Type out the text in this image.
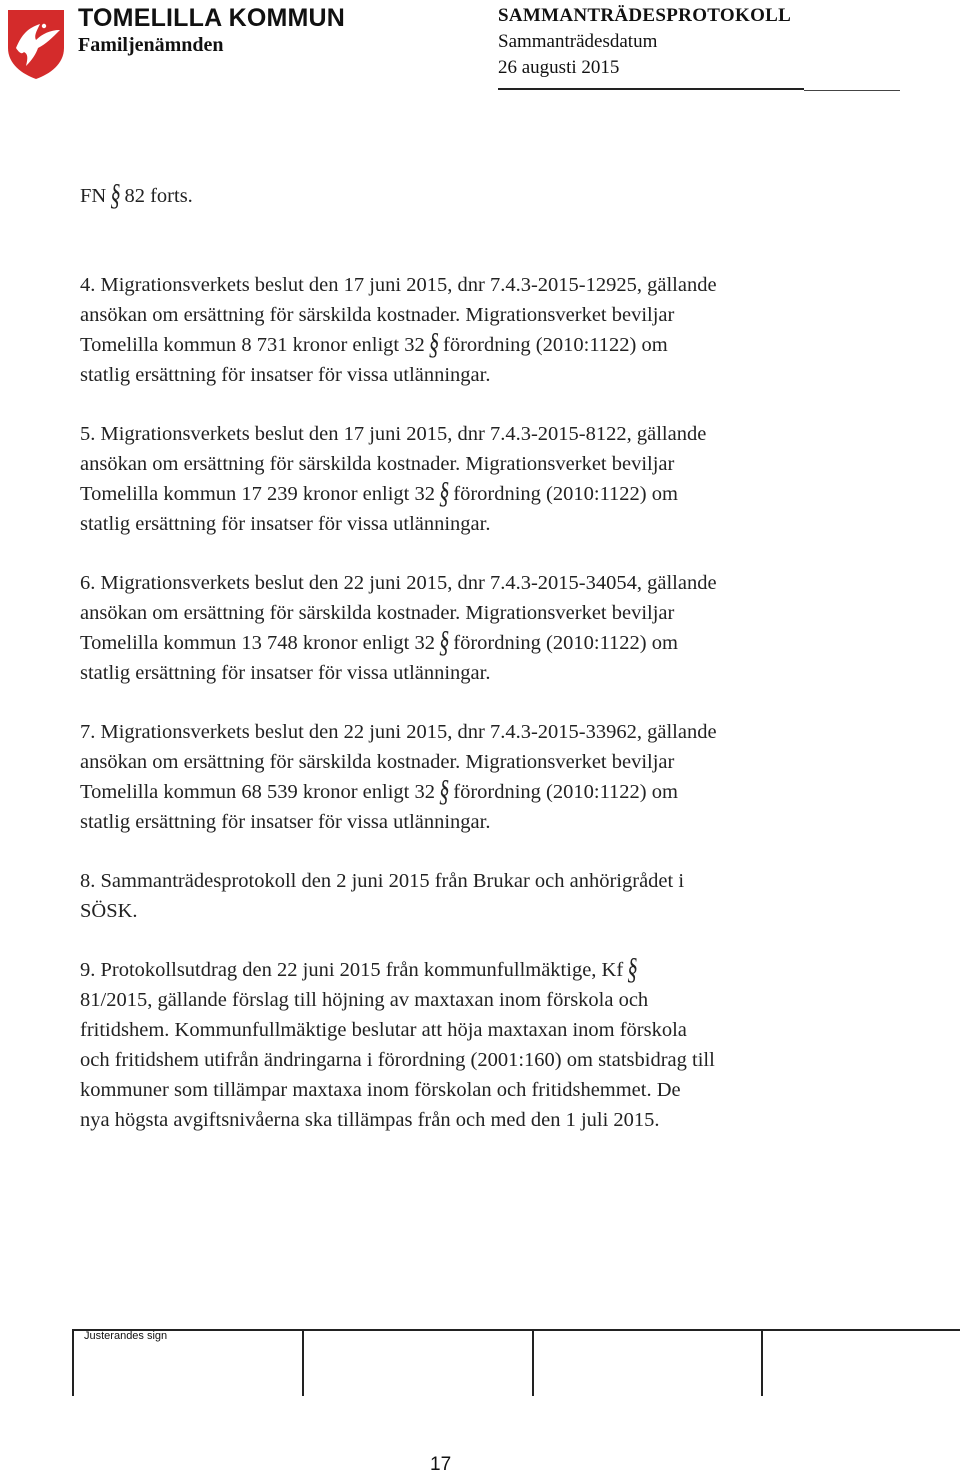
TOMELILLA KOMMUN
Familjenämnden
SAMMANTRÄDESPROTOKOLL
Sammanträdesdatum
26 augusti 2015
FN § 82 forts.
4. Migrationsverkets beslut den 17 juni 2015, dnr 7.4.3-2015-12925, gällande
ansökan om ersättning för särskilda kostnader. Migrationsverket beviljar
Tomelilla kommun 8 731 kronor enligt 32 § förordning (2010:1122) om
statlig ersättning för insatser för vissa utlänningar.
5. Migrationsverkets beslut den 17 juni 2015, dnr 7.4.3-2015-8122, gällande
ansökan om ersättning för särskilda kostnader. Migrationsverket beviljar
Tomelilla kommun 17 239 kronor enligt 32 § förordning (2010:1122) om
statlig ersättning för insatser för vissa utlänningar.
6. Migrationsverkets beslut den 22 juni 2015, dnr 7.4.3-2015-34054, gällande
ansökan om ersättning för särskilda kostnader. Migrationsverket beviljar
Tomelilla kommun 13 748 kronor enligt 32 § förordning (2010:1122) om
statlig ersättning för insatser för vissa utlänningar.
7. Migrationsverkets beslut den 22 juni 2015, dnr 7.4.3-2015-33962, gällande
ansökan om ersättning för särskilda kostnader. Migrationsverket beviljar
Tomelilla kommun 68 539 kronor enligt 32 § förordning (2010:1122) om
statlig ersättning för insatser för vissa utlänningar.
8. Sammanträdesprotokoll den 2 juni 2015 från Brukar och anhörigrådet i
SÖSK.
9. Protokollsutdrag den 22 juni 2015 från kommunfullmäktige, Kf §
81/2015, gällande förslag till höjning av maxtaxan inom förskola och
fritidshem. Kommunfullmäktige beslutar att höja maxtaxan inom förskola
och fritidshem utifrån ändringarna i förordning (2001:160) om statsbidrag till
kommuner som tillämpar maxtaxa inom förskolan och fritidshemmet. De
nya högsta avgiftsnivåerna ska tillämpas från och med den 1 juli 2015.
Justerandes sign
17
